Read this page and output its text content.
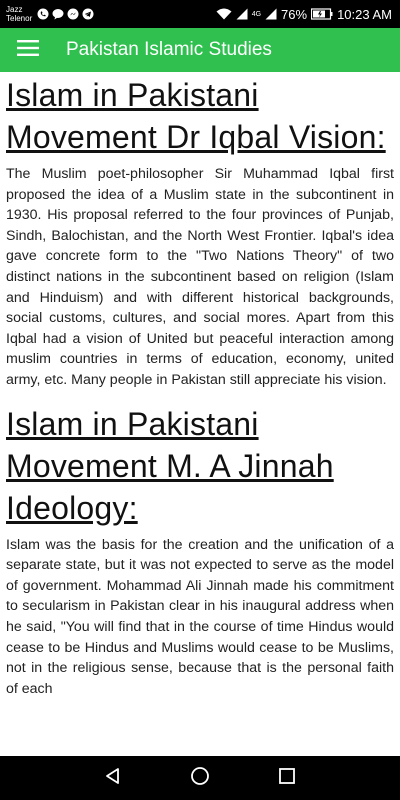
Jazz
Telenor	4G 76% 10:23 AM
Pakistan Islamic Studies
Islam in Pakistani Movement Dr Iqbal Vision:

The Muslim poet-philosopher Sir Muhammad Iqbal first proposed the idea of a Muslim state in the subcontinent in 1930. His proposal referred to the four provinces of Punjab, Sindh, Balochistan, and the North West Frontier. Iqbal's idea gave concrete form to the "Two Nations Theory" of two distinct nations in the subcontinent based on religion (Islam and Hinduism) and with different historical backgrounds, social customs, cultures, and social mores. Apart from this Iqbal had a vision of United but peaceful interaction among muslim countries in terms of education, economy, united army, etc. Many people in Pakistan still appreciate his vision.

Islam in Pakistani Movement M. A Jinnah Ideology:

Islam was the basis for the creation and the unification of a separate state, but it was not expected to serve as the model of government. Mohammad Ali Jinnah made his commitment to secularism in Pakistan clear in his inaugural address when he said, "You will find that in the course of time Hindus would cease to be Hindus and Muslims would cease to be Muslims, not in the religious sense, because that is the personal faith of each
